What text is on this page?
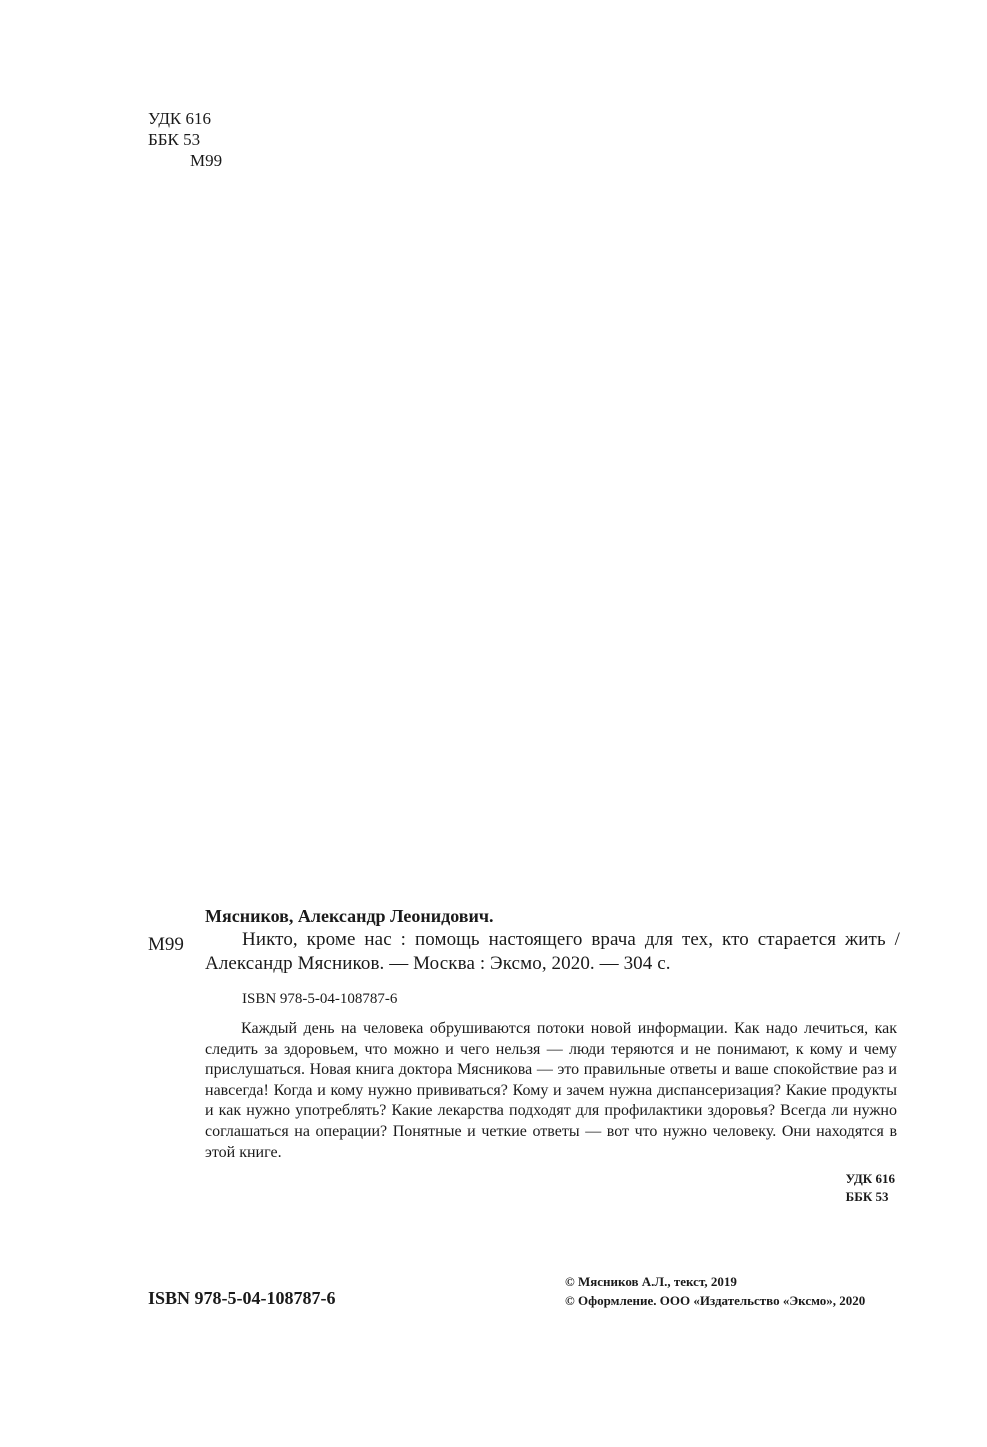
УДК 616
ББК 53
М99
М99
Мясников, Александр Леонидович.
Никто, кроме нас : помощь настоящего врача для тех, кто старается жить / Александр Мясников. — Москва : Эксмо, 2020. — 304 с.
ISBN 978-5-04-108787-6
Каждый день на человека обрушиваются потоки новой информации. Как надо лечиться, как следить за здоровьем, что можно и чего нельзя — люди теряются и не понимают, к кому и чему прислушаться. Новая книга доктора Мясникова — это правильные ответы и ваше спокойствие раз и навсегда! Когда и кому нужно прививаться? Кому и зачем нужна диспансеризация? Какие продукты и как нужно употреблять? Какие лекарства подходят для профилактики здоровья? Всегда ли нужно соглашаться на операции? Понятные и четкие ответы — вот что нужно человеку. Они находятся в этой книге.
УДК 616
ББК 53
ISBN 978-5-04-108787-6
© Мясников А.Л., текст, 2019
© Оформление. ООО «Издательство «Эксмо», 2020
